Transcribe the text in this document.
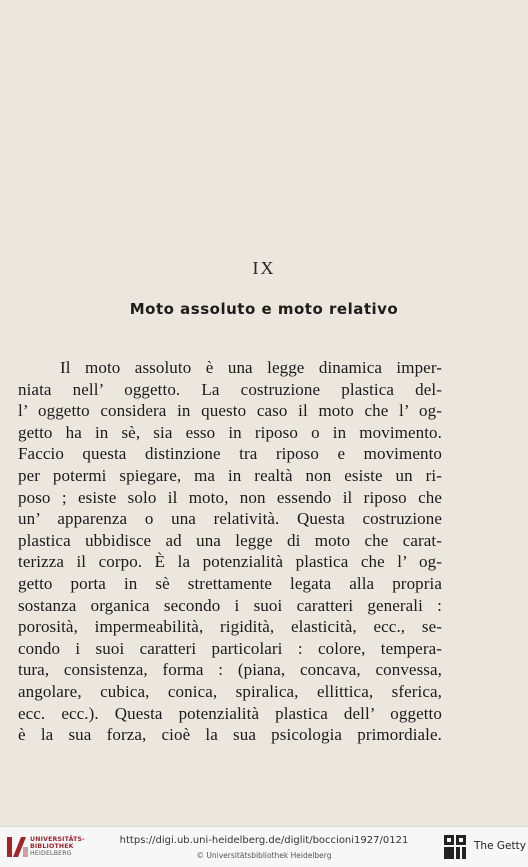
IX
Moto assoluto e moto relativo
Il moto assoluto è una legge dinamica imper-
niata nell’ oggetto. La costruzione plastica del-
l’ oggetto considera in questo caso il moto che l’ og-
getto ha in sè, sia esso in riposo o in movimento.
Faccio questa distinzione tra riposo e movimento
per potermi spiegare, ma in realtà non esiste un ri-
poso ; esiste solo il moto, non essendo il riposo che
un’ apparenza o una relatività. Questa costruzione
plastica ubbidisce ad una legge di moto che carat-
terizza il corpo. È la potenzialità plastica che l’ og-
getto porta in sè strettamente legata alla propria
sostanza organica secondo i suoi caratteri generali :
porosità, impermeabilità, rigidità, elasticità, ecc., se-
condo i suoi caratteri particolari : colore, tempera-
tura, consistenza, forma : (piana, concava, convessa,
angolare, cubica, conica, spiralica, ellittica, sferica,
ecc. ecc.). Questa potenzialità plastica dell’ oggetto
è la sua forza, cioè la sua psicologia primordiale.
UNIVERSITÄTS-
BIBLIOTHEK
HEIDELBERG
https://digi.ub.uni-heidelberg.de/diglit/boccioni1927/0121
© Universitätsbibliothek Heidelberg
The Getty
